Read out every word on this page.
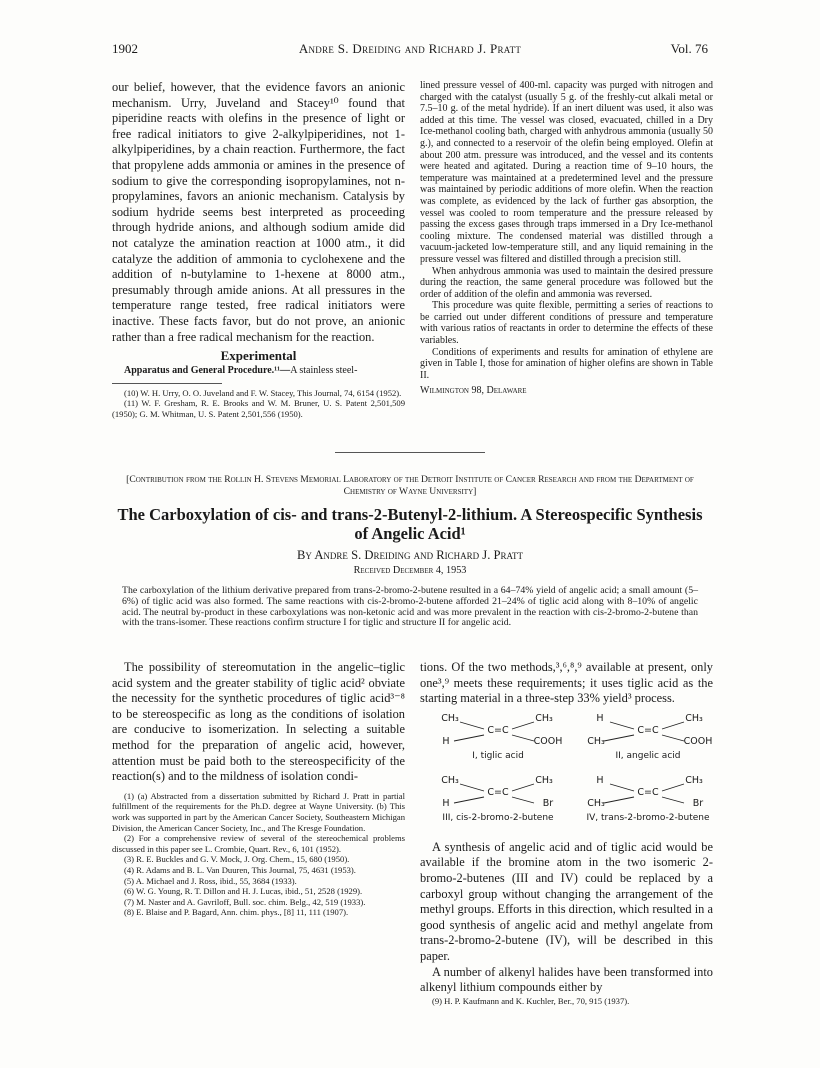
1902	Andre S. Dreiding and Richard J. Pratt	Vol. 76

our belief, however, that the evidence favors an anionic mechanism. Urry, Juveland and Stacey¹⁰ found that piperidine reacts with olefins in the presence of light or free radical initiators to give 2-alkylpiperidines, not 1-alkylpiperidines, by a chain reaction. Furthermore, the fact that propylene adds ammonia or amines in the presence of sodium to give the corresponding isopropylamines, not n-propylamines, favors an anionic mechanism. Catalysis by sodium hydride seems best interpreted as proceeding through hydride anions, and although sodium amide did not catalyze the amination reaction at 1000 atm., it did catalyze the addition of ammonia to cyclohexene and the addition of n-butylamine to 1-hexene at 8000 atm., presumably through amide anions. At all pressures in the temperature range tested, free radical initiators were inactive. These facts favor, but do not prove, an anionic rather than a free radical mechanism for the reaction.

Experimental

Apparatus and General Procedure.¹¹—A stainless steel-

(10) W. H. Urry, O. O. Juveland and F. W. Stacey, This Journal, 74, 6154 (1952).

(11) W. F. Gresham, R. E. Brooks and W. M. Bruner, U. S. Patent 2,501,509 (1950); G. M. Whitman, U. S. Patent 2,501,556 (1950).

lined pressure vessel of 400-ml. capacity was purged with nitrogen and charged with the catalyst (usually 5 g. of the freshly-cut alkali metal or 7.5–10 g. of the metal hydride). If an inert diluent was used, it also was added at this time. The vessel was closed, evacuated, chilled in a Dry Ice-methanol cooling bath, charged with anhydrous ammonia (usually 50 g.), and connected to a reservoir of the olefin being employed. Olefin at about 200 atm. pressure was introduced, and the vessel and its contents were heated and agitated. During a reaction time of 9–10 hours, the temperature was maintained at a predetermined level and the pressure was maintained by periodic additions of more olefin. When the reaction was complete, as evidenced by the lack of further gas absorption, the vessel was cooled to room temperature and the pressure released by passing the excess gases through traps immersed in a Dry Ice-methanol cooling mixture. The condensed material was distilled through a vacuum-jacketed low-temperature still, and any liquid remaining in the pressure vessel was filtered and distilled through a precision still.

When anhydrous ammonia was used to maintain the desired pressure during the reaction, the same general procedure was followed but the order of addition of the olefin and ammonia was reversed.

This procedure was quite flexible, permitting a series of reactions to be carried out under different conditions of pressure and temperature with various ratios of reactants in order to determine the effects of these variables.

Conditions of experiments and results for amination of ethylene are given in Table I, those for amination of higher olefins are shown in Table II.

Wilmington 98, Delaware
[Contribution from the Rollin H. Stevens Memorial Laboratory of the Detroit Institute of Cancer Research and from the Department of Chemistry of Wayne University]
The Carboxylation of cis- and trans-2-Butenyl-2-lithium. A Stereospecific Synthesis of Angelic Acid¹
By Andre S. Dreiding and Richard J. Pratt
Received December 4, 1953
The carboxylation of the lithium derivative prepared from trans-2-bromo-2-butene resulted in a 64–74% yield of angelic acid; a small amount (5–6%) of tiglic acid was also formed. The same reactions with cis-2-bromo-2-butene afforded 21–24% of tiglic acid along with 8–10% of angelic acid. The neutral by-product in these carboxylations was non-ketonic acid and was more prevalent in the reaction with cis-2-bromo-2-butene than with the trans-isomer. These reactions confirm structure I for tiglic and structure II for angelic acid.

The possibility of stereomutation in the angelic–tiglic acid system and the greater stability of tiglic acid² obviate the necessity for the synthetic procedures of tiglic acid³⁻⁸ to be stereospecific as long as the conditions of isolation are conducive to isomerization. In selecting a suitable method for the preparation of angelic acid, however, attention must be paid both to the stereospecificity of the reaction(s) and to the mildness of isolation condi-

(1) (a) Abstracted from a dissertation submitted by Richard J. Pratt in partial fulfillment of the requirements for the Ph.D. degree at Wayne University. (b) This work was supported in part by the American Cancer Society, Southeastern Michigan Division, the American Cancer Society, Inc., and The Kresge Foundation.

(2) For a comprehensive review of several of the stereochemical problems discussed in this paper see L. Crombie, Quart. Rev., 6, 101 (1952).

(3) R. E. Buckles and G. V. Mock, J. Org. Chem., 15, 680 (1950).

(4) R. Adams and B. L. Van Duuren, This Journal, 75, 4631 (1953).

(5) A. Michael and J. Ross, ibid., 55, 3684 (1933).

(6) W. G. Young, R. T. Dillon and H. J. Lucas, ibid., 51, 2528 (1929).

(7) M. Naster and A. Gavriloff, Bull. soc. chim. Belg., 42, 519 (1933).

(8) E. Blaise and P. Bagard, Ann. chim. phys., [8] 11, 111 (1907).

tions. Of the two methods,³,⁶,⁸,⁹ available at present, only one³,⁹ meets these requirements; it uses tiglic acid as the starting material in a three-step 33% yield³ process.

CH₃	CH₃
C=C
H	COOH
I, tiglic acid
H	CH₃
C=C
CH₃	COOH
II, angelic acid
CH₃	CH₃
C=C
H	Br
III, cis-2-bromo-2-butene
H	CH₃
C=C
CH₃	Br
IV, trans-2-bromo-2-butene

A synthesis of angelic acid and of tiglic acid would be available if the bromine atom in the two isomeric 2-bromo-2-butenes (III and IV) could be replaced by a carboxyl group without changing the arrangement of the methyl groups. Efforts in this direction, which resulted in a good synthesis of angelic acid and methyl angelate from trans-2-bromo-2-butene (IV), will be described in this paper.

A number of alkenyl halides have been transformed into alkenyl lithium compounds either by

(9) H. P. Kaufmann and K. Kuchler, Ber., 70, 915 (1937).
